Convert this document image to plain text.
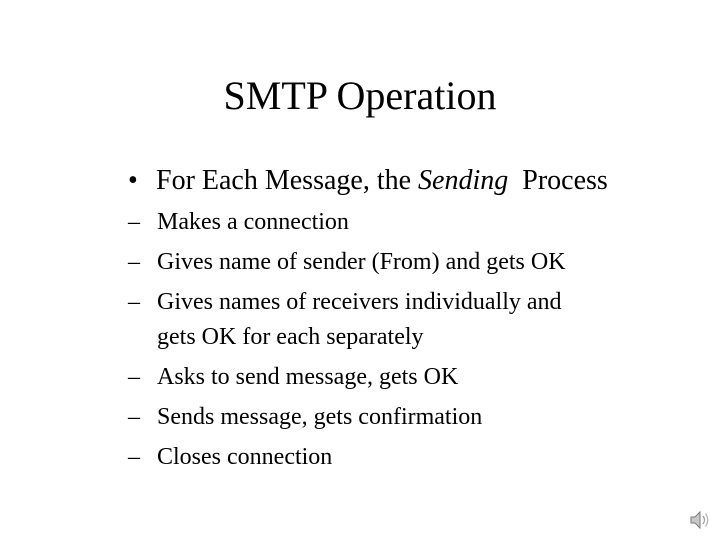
SMTP Operation
• For Each Message, the Sending  Process
– Makes a connection
– Gives name of sender (From) and gets OK
– Gives names of receivers individually and
gets OK for each separately
– Asks to send message, gets OK
– Sends message, gets confirmation
– Closes connection
